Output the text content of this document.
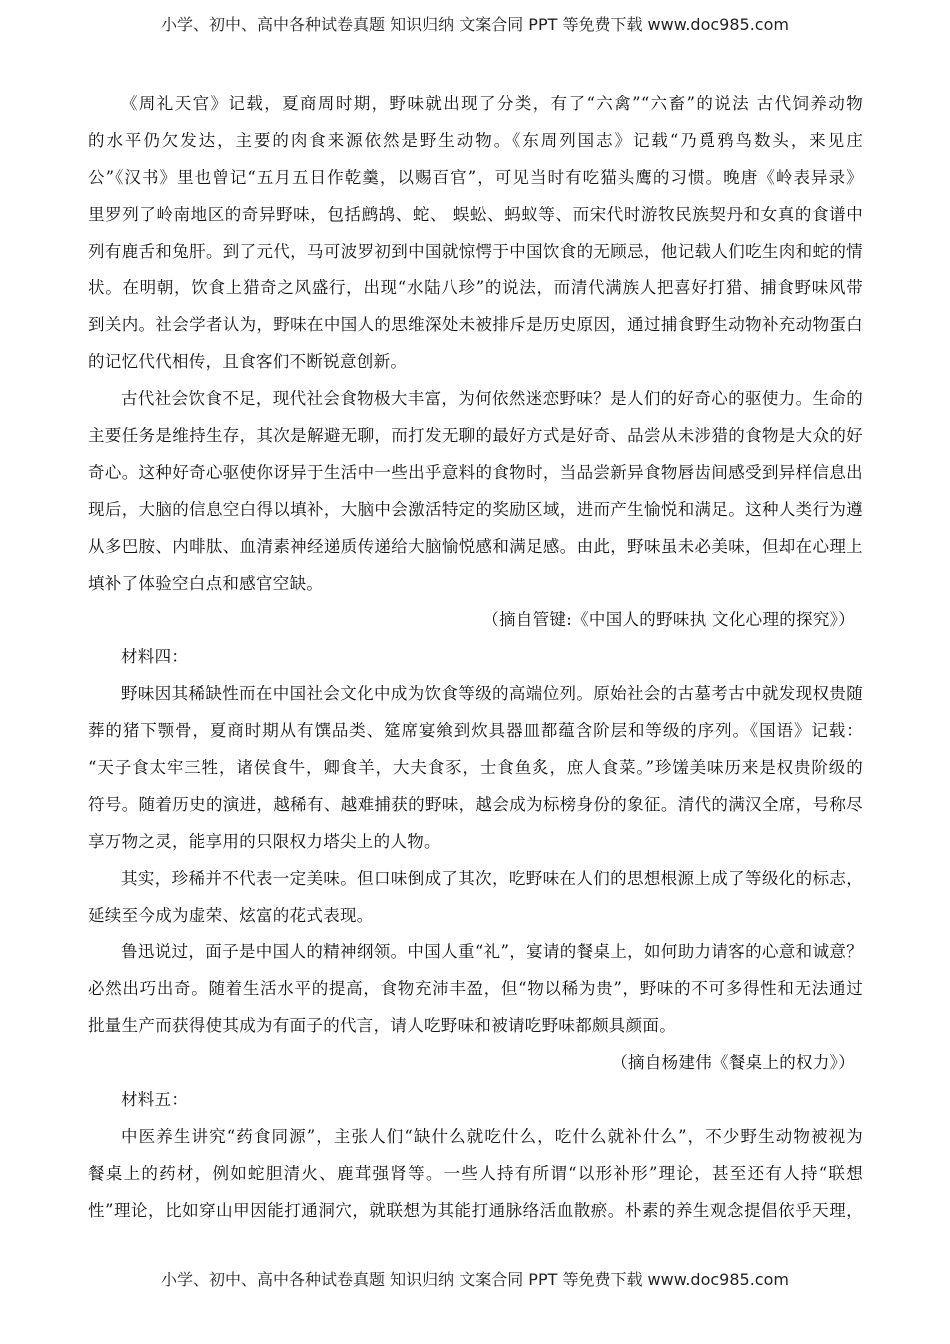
小学、初中、高中各种试卷真题 知识归纳 文案合同 PPT 等免费下载 www.doc985.com
《周礼天官》记载，夏商周时期，野味就出现了分类，有了“六禽”“六畜”的说法 古代饲养动物
的水平仍欠发达，主要的肉食来源依然是野生动物。《东周列国志》记载“乃覓鸦鸟数头，来见庄
公”《汉书》里也曾记“五月五日作乾羹，以赐百官”，可见当时有吃猫头鹰的习惯。晚唐《岭表异录》
里罗列了岭南地区的奇异野味，包括鹧鸪、蛇、 蜈蚣、蚂蚁等、而宋代时游牧民族契丹和女真的食谱中
列有鹿舌和兔肝。到了元代，马可波罗初到中国就惊愕于中国饮食的无顾忌，他记载人们吃生肉和蛇的情
状。在明朝，饮食上猎奇之风盛行，出现“水陆八珍”的说法，而清代满族人把喜好打猎、捕食野味风带
到关内。社会学者认为，野味在中国人的思维深处未被排斥是历史原因，通过捕食野生动物补充动物蛋白
的记忆代代相传，且食客们不断锐意创新。
古代社会饮食不足，现代社会食物极大丰富，为何依然迷恋野味？是人们的好奇心的驱使力。生命的
主要任务是维持生存，其次是解避无聊，而打发无聊的最好方式是好奇、品尝从未涉猎的食物是大众的好
奇心。这种好奇心驱使你讶异于生活中一些出乎意料的食物时，当品尝新异食物唇齿间感受到异样信息出
现后，大脑的信息空白得以填补，大脑中会激活特定的奖励区域，进而产生愉悦和满足。这种人类行为遵
从多巴胺、内啡肽、血清素神经递质传递给大脑愉悦感和满足感。由此，野味虽未必美味，但却在心理上
填补了体验空白点和感官空缺。
（摘自管键:《中国人的野味执 文化心理的探究》）
材料四：
野味因其稀缺性而在中国社会文化中成为饮食等级的高端位列。原始社会的古墓考古中就发现权贵随
葬的猪下颚骨，夏商时期从有馔品类、筵席宴飨到炊具器皿都蕴含阶层和等级的序列。《国语》记载：
“天子食太牢三牲，诸侯食牛，卿食羊，大夫食豕，士食鱼炙，庶人食菜。”珍馐美味历来是权贵阶级的
符号。随着历史的演进，越稀有、越难捕获的野味，越会成为标榜身份的象征。清代的满汉全席，号称尽
享万物之灵，能享用的只限权力塔尖上的人物。
其实，珍稀并不代表一定美味。但口味倒成了其次，吃野味在人们的思想根源上成了等级化的标志，
延续至今成为虚荣、炫富的花式表现。
鲁迅说过，面子是中国人的精神纲领。中国人重“礼”，宴请的餐桌上，如何助力请客的心意和诚意？
必然出巧出奇。随着生活水平的提高，食物充沛丰盈，但“物以稀为贵”，野味的不可多得性和无法通过
批量生产而获得使其成为有面子的代言，请人吃野味和被请吃野味都颇具颜面。
（摘自杨建伟《餐桌上的权力》）
材料五：
中医养生讲究“药食同源”，主张人们“缺什么就吃什么，吃什么就补什么”，不少野生动物被视为
餐桌上的药材，例如蛇胆清火、鹿茸强肾等。一些人持有所谓“以形补形”理论，甚至还有人持“联想
性”理论，比如穿山甲因能打通洞穴，就联想为其能打通脉络活血散瘀。朴素的养生观念提倡依乎天理，
小学、初中、高中各种试卷真题 知识归纳 文案合同 PPT 等免费下载 www.doc985.com
